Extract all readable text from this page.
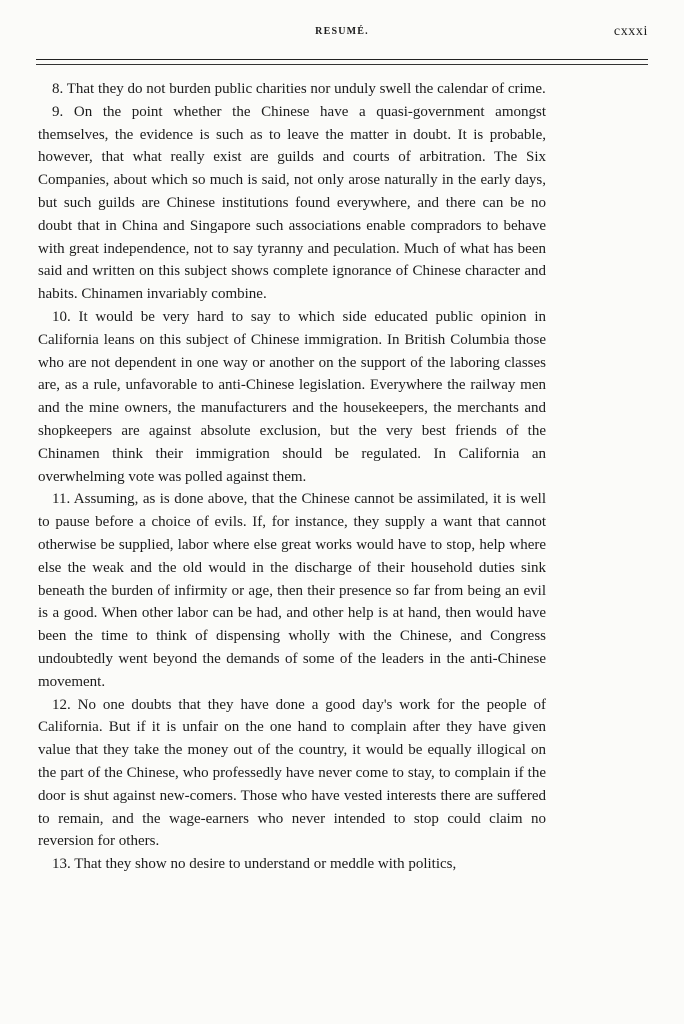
RESUMÉ.	cxxxi

8. That they do not burden public charities nor unduly swell the calendar of crime.

9. On the point whether the Chinese have a quasi-government amongst themselves, the evidence is such as to leave the matter in doubt. It is probable, however, that what really exist are guilds and courts of arbitration. The Six Companies, about which so much is said, not only arose naturally in the early days, but such guilds are Chinese institutions found everywhere, and there can be no doubt that in China and Singapore such associations enable compradors to behave with great independence, not to say tyranny and peculation. Much of what has been said and written on this subject shows complete ignorance of Chinese character and habits. Chinamen invariably combine.

10. It would be very hard to say to which side educated public opinion in California leans on this subject of Chinese immigration. In British Columbia those who are not dependent in one way or another on the support of the laboring classes are, as a rule, unfavorable to anti-Chinese legislation. Everywhere the railway men and the mine owners, the manufacturers and the housekeepers, the merchants and shopkeepers are against absolute exclusion, but the very best friends of the Chinamen think their immigration should be regulated. In California an overwhelming vote was polled against them.

11. Assuming, as is done above, that the Chinese cannot be assimilated, it is well to pause before a choice of evils. If, for instance, they supply a want that cannot otherwise be supplied, labor where else great works would have to stop, help where else the weak and the old would in the discharge of their household duties sink beneath the burden of infirmity or age, then their presence so far from being an evil is a good. When other labor can be had, and other help is at hand, then would have been the time to think of dispensing wholly with the Chinese, and Congress undoubtedly went beyond the demands of some of the leaders in the anti-Chinese movement.

12. No one doubts that they have done a good day's work for the people of California. But if it is unfair on the one hand to complain after they have given value that they take the money out of the country, it would be equally illogical on the part of the Chinese, who professedly have never come to stay, to complain if the door is shut against new-comers. Those who have vested interests there are suffered to remain, and the wage-earners who never intended to stop could claim no reversion for others.

13. That they show no desire to understand or meddle with politics,
